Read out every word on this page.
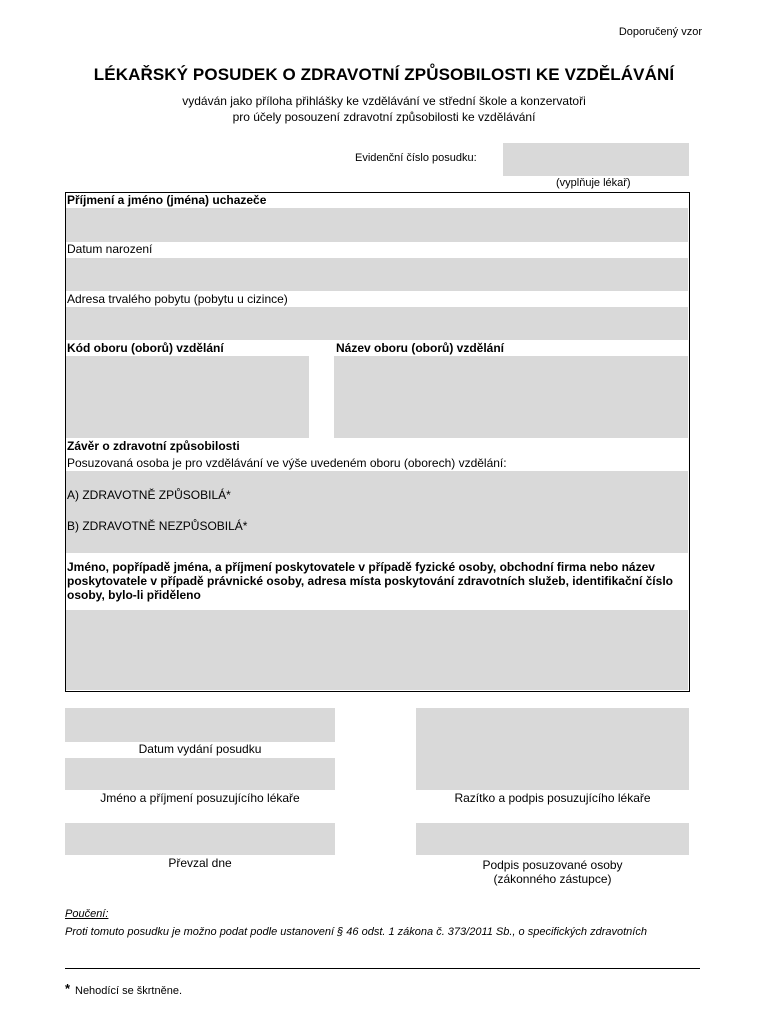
Doporučený vzor
LÉKAŘSKÝ POSUDEK O ZDRAVOTNÍ ZPŮSOBILOSTI KE VZDĚLÁVÁNÍ
vydáván jako příloha přihlášky ke vzdělávání ve střední škole a konzervatoři
pro účely posouzení zdravotní způsobilosti ke vzdělávání
Evidenční číslo posudku:
(vyplňuje lékař)
Příjmení a jméno (jména) uchazeče
Datum narození
Adresa trvalého pobytu (pobytu u cizince)
Kód oboru (oborů) vzdělání	Název oboru (oborů) vzdělání
Závěr o zdravotní způsobilosti
Posuzovaná osoba je pro vzdělávání ve výše uvedeném oboru (oborech) vzdělání:
A) ZDRAVOTNĚ ZPŮSOBILÁ*
B) ZDRAVOTNĚ NEZPŮSOBILÁ*
Jméno, popřípadě jména, a příjmení poskytovatele v případě fyzické osoby, obchodní firma nebo název
poskytovatele v případě právnické osoby, adresa místa poskytování zdravotních služeb, identifikační číslo
osoby, bylo-li přiděleno
Datum vydání posudku
Jméno a příjmení posuzujícího lékaře	Razítko a podpis posuzujícího lékaře
Převzal dne	Podpis posuzované osoby
(zákonného zástupce)
Poučení:
Proti tomuto posudku je možno podat podle ustanovení § 46 odst. 1 zákona č. 373/2011 Sb., o specifických zdravotních
* Nehodící se škrtněne.
